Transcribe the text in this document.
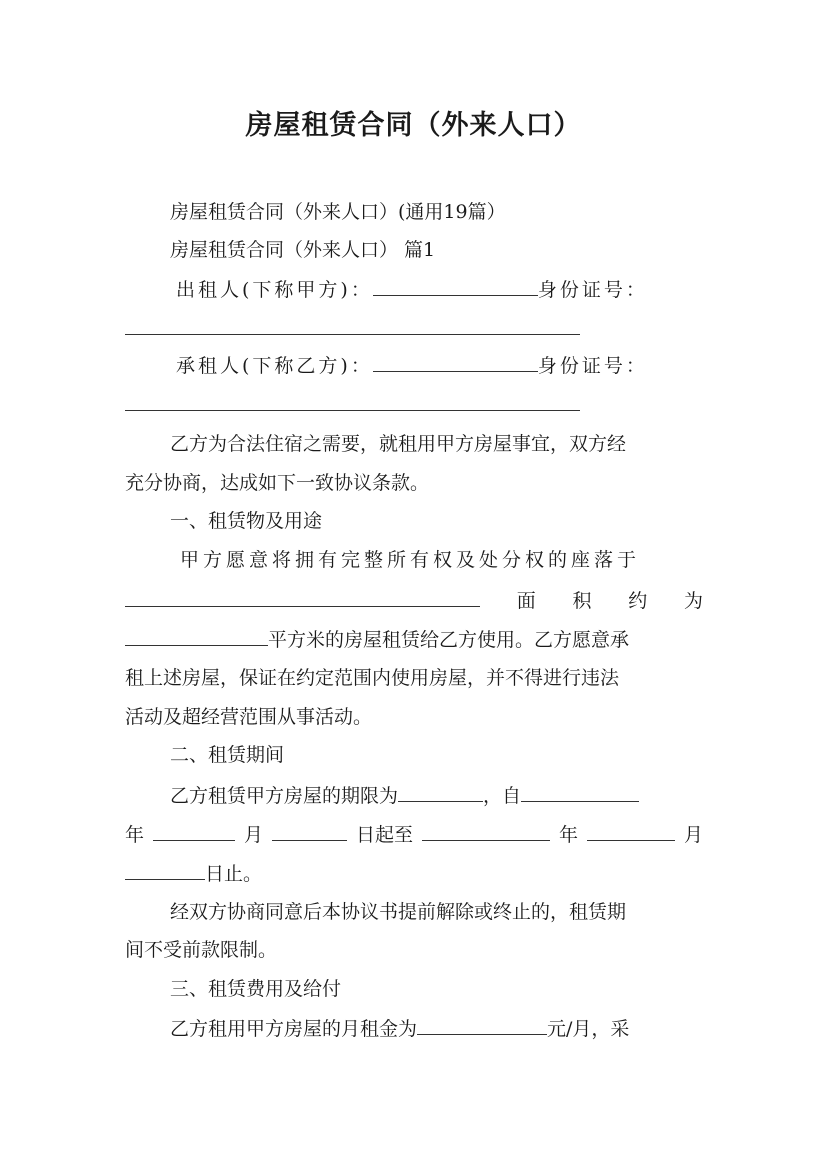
房屋租赁合同（外来人口）
房屋租赁合同（外来人口）(通用19篇）
房屋租赁合同（外来人口） 篇1
出租人(下称甲方)：	身份证号：
承租人(下称乙方)：	身份证号：
乙方为合法住宿之需要，就租用甲方房屋事宜，双方经
充分协商，达成如下一致协议条款。
一、租赁物及用途
甲方愿意将拥有完整所有权及处分权的座落于
面 积 约 为
平方米的房屋租赁给乙方使用。乙方愿意承
租上述房屋，保证在约定范围内使用房屋，并不得进行违法
活动及超经营范围从事活动。
二、租赁期间
乙方租赁甲方房屋的期限为	，自
年	月	日起至	年	月
日止。
经双方协商同意后本协议书提前解除或终止的，租赁期
间不受前款限制。
三、租赁费用及给付
乙方租用甲方房屋的月租金为	元/月，采
